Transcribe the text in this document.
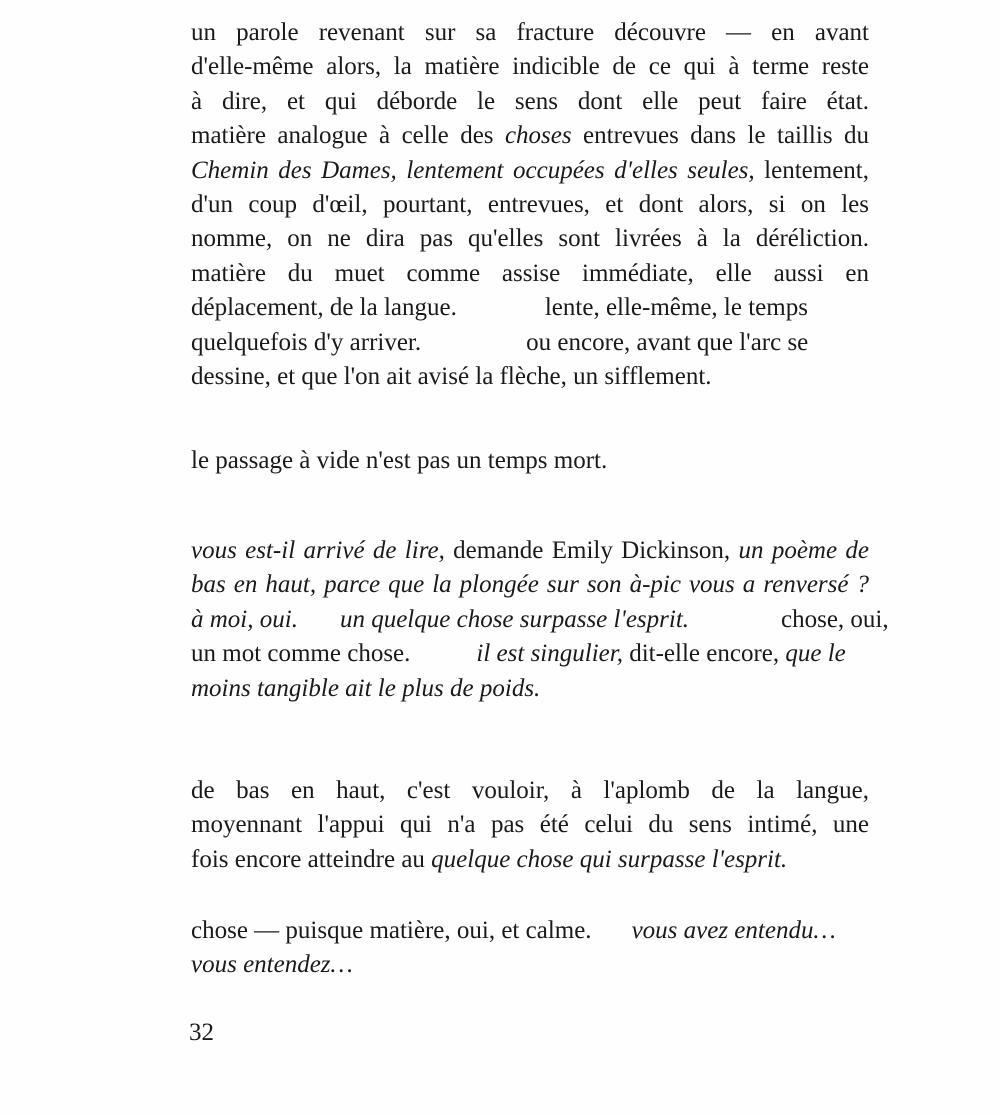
un parole revenant sur sa fracture découvre — en avant
d'elle-même alors, la matière indicible de ce qui à terme reste
à dire, et qui déborde le sens dont elle peut faire état.
matière analogue à celle des choses entrevues dans le taillis du
Chemin des Dames, lentement occupées d'elles seules, lentement,
d'un coup d'œil, pourtant, entrevues, et dont alors, si on les
nomme, on ne dira pas qu'elles sont livrées à la déréliction.
matière du muet comme assise immédiate, elle aussi en
déplacement, de la langue.	lente, elle-même, le temps
quelquefois d'y arriver.	ou encore, avant que l'arc se
dessine, et que l'on ait avisé la flèche, un sifflement.
le passage à vide n'est pas un temps mort.
vous est-il arrivé de lire, demande Emily Dickinson, un poème de
bas en haut, parce que la plongée sur son à-pic vous a renversé ?
à moi, oui. un quelque chose surpasse l'esprit.	chose, oui,
un mot comme chose.	il est singulier, dit-elle encore, que le
moins tangible ait le plus de poids.
de bas en haut, c'est vouloir, à l'aplomb de la langue,
moyennant l'appui qui n'a pas été celui du sens intimé, une
fois encore atteindre au quelque chose qui surpasse l'esprit.
chose — puisque matière, oui, et calme. vous avez entendu…
vous entendez…
32
